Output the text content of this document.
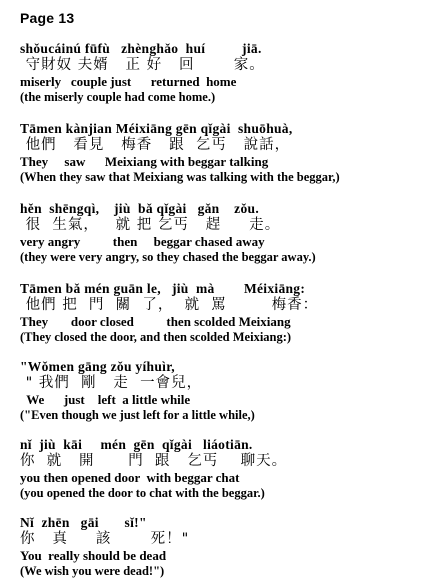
Page 13
shǒucáinú fūfù   zhènghǎo  huí          jiā.
守財奴 夫婿   正 好   回       家。
miserly   couple just      returned  home
(the miserly couple had come home.)
Tāmen kànjian Méixiāng gēn qǐgài  shuōhuà,
他們   看見   梅香   跟  乞丐   說話，
They     saw      Meixiang with beggar talking
(When they saw that Meixiang was talking with the beggar,)
hěn  shēngqì,    jiù  bǎ qǐgài   gǎn    zǒu.
很  生氣，   就 把 乞丐   趕     走。
very angry          then     beggar chased away
(they were very angry, so they chased the beggar away.)
Tāmen bǎ mén guān le,   jiù  mà        Méixiāng:
他們 把  門  關  了，  就  罵        梅香：
They       door closed          then scolded Meixiang
(They closed the door, and then scolded Meixiang:)
"Wǒmen gāng zǒu yíhuìr,
" 我們  剛   走  一會兒，
We      just    left  a little while
("Even though we just left for a little while,)
nǐ  jiù  kāi     mén  gēn  qǐgài   liáotiān.
你  就   開      門  跟   乞丐    聊天。
you then opened door  with beggar chat
(you opened the door to chat with the beggar.)
Nǐ  zhēn   gāi       sǐ!"
你   真     該       死！"
You  really should be dead
(We wish you were dead!")
